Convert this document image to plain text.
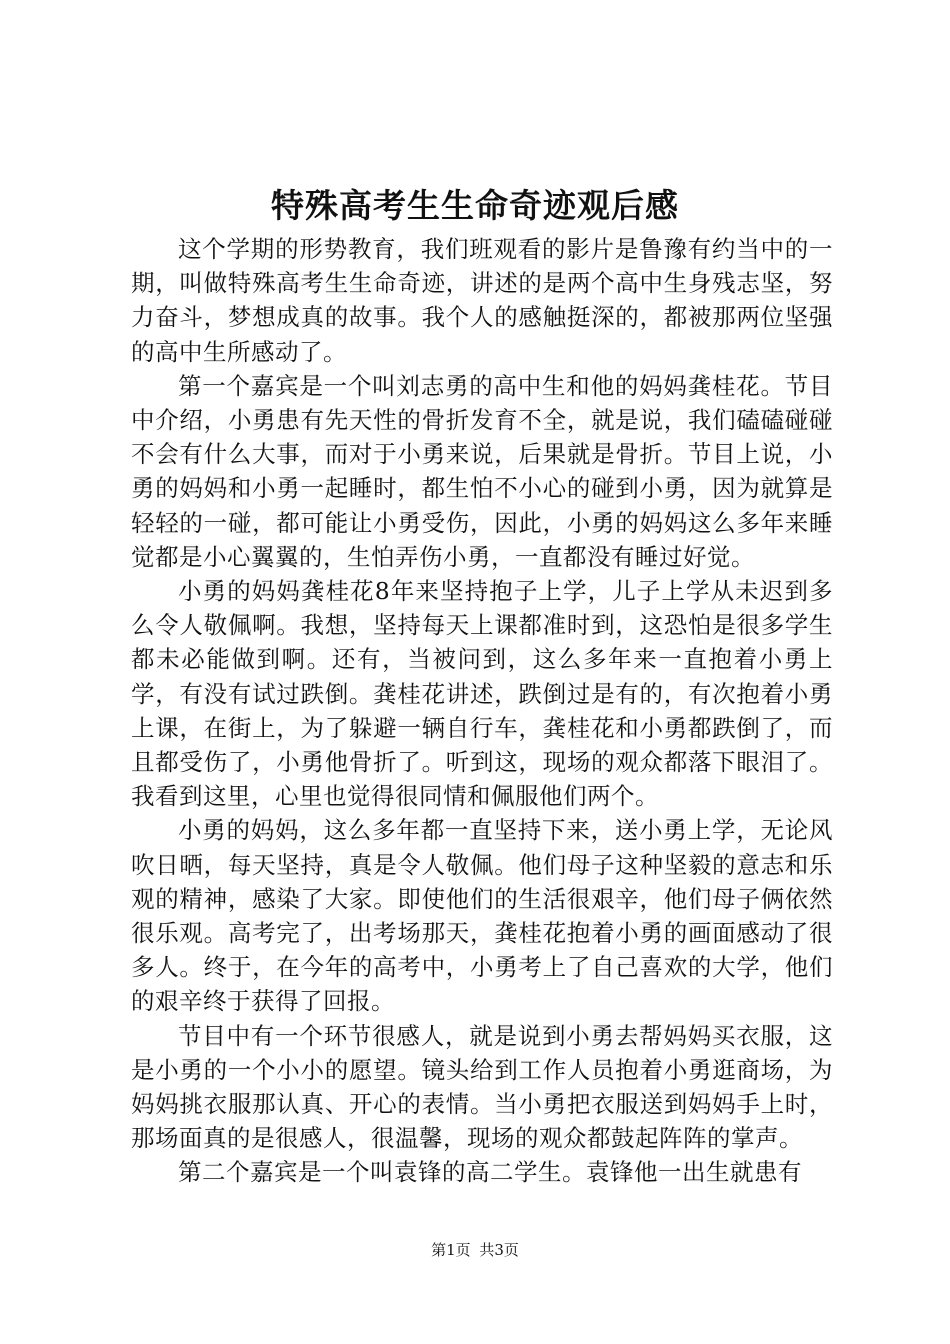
特殊高考生生命奇迹观后感

这个学期的形势教育，我们班观看的影片是鲁豫有约当中的一期，叫做特殊高考生生命奇迹，讲述的是两个高中生身残志坚，努力奋斗，梦想成真的故事。我个人的感触挺深的，都被那两位坚强的高中生所感动了。

第一个嘉宾是一个叫刘志勇的高中生和他的妈妈龚桂花。节目中介绍，小勇患有先天性的骨折发育不全，就是说，我们磕磕碰碰不会有什么大事，而对于小勇来说，后果就是骨折。节目上说，小勇的妈妈和小勇一起睡时，都生怕不小心的碰到小勇，因为就算是轻轻的一碰，都可能让小勇受伤，因此，小勇的妈妈这么多年来睡觉都是小心翼翼的，生怕弄伤小勇，一直都没有睡过好觉。

小勇的妈妈龚桂花8年来坚持抱子上学，儿子上学从未迟到多么令人敬佩啊。我想，坚持每天上课都准时到，这恐怕是很多学生都未必能做到啊。还有，当被问到，这么多年来一直抱着小勇上学，有没有试过跌倒。龚桂花讲述，跌倒过是有的，有次抱着小勇上课，在街上，为了躲避一辆自行车，龚桂花和小勇都跌倒了，而且都受伤了，小勇他骨折了。听到这，现场的观众都落下眼泪了。我看到这里，心里也觉得很同情和佩服他们两个。

小勇的妈妈，这么多年都一直坚持下来，送小勇上学，无论风吹日晒，每天坚持，真是令人敬佩。他们母子这种坚毅的意志和乐观的精神，感染了大家。即使他们的生活很艰辛，他们母子俩依然很乐观。高考完了，出考场那天，龚桂花抱着小勇的画面感动了很多人。终于，在今年的高考中，小勇考上了自己喜欢的大学，他们的艰辛终于获得了回报。

节目中有一个环节很感人，就是说到小勇去帮妈妈买衣服，这是小勇的一个小小的愿望。镜头给到工作人员抱着小勇逛商场，为妈妈挑衣服那认真、开心的表情。当小勇把衣服送到妈妈手上时，那场面真的是很感人，很温馨，现场的观众都鼓起阵阵的掌声。

第二个嘉宾是一个叫袁锋的高二学生。袁锋他一出生就患有

第1页 共3页
